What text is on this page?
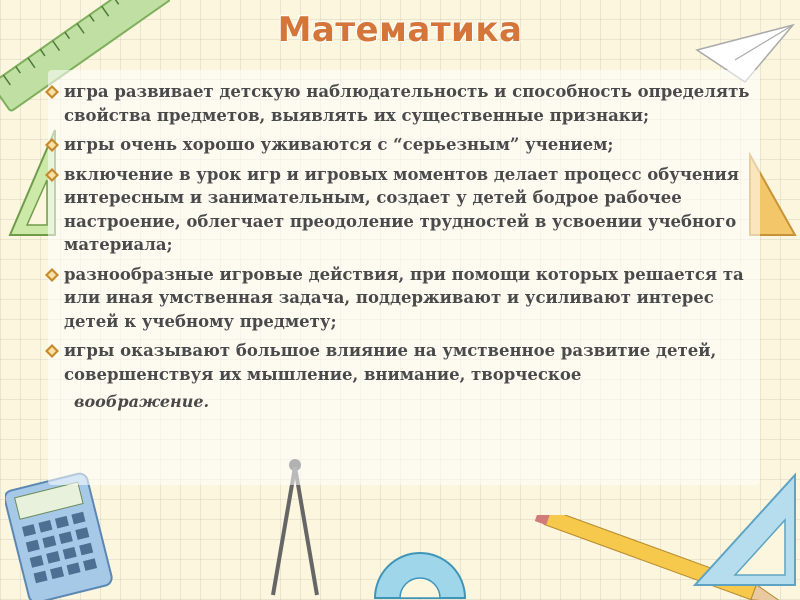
Математика
игра развивает детскую наблюдательность и способность определять свойства предметов, выявлять их существенные признаки;
игры очень хорошо уживаются с “серьезным” учением;
включение в урок игр и игровых моментов делает процесс обучения интересным и занимательным, создает у детей бодрое рабочее настроение, облегчает преодоление трудностей в усвоении учебного материала;
разнообразные игровые действия, при помощи которых решается та или иная умственная задача, поддерживают и усиливают интерес детей к учебному предмету;
игры оказывают большое влияние на умственное развитие детей, совершенствуя их мышление, внимание, творческое
воображение.
